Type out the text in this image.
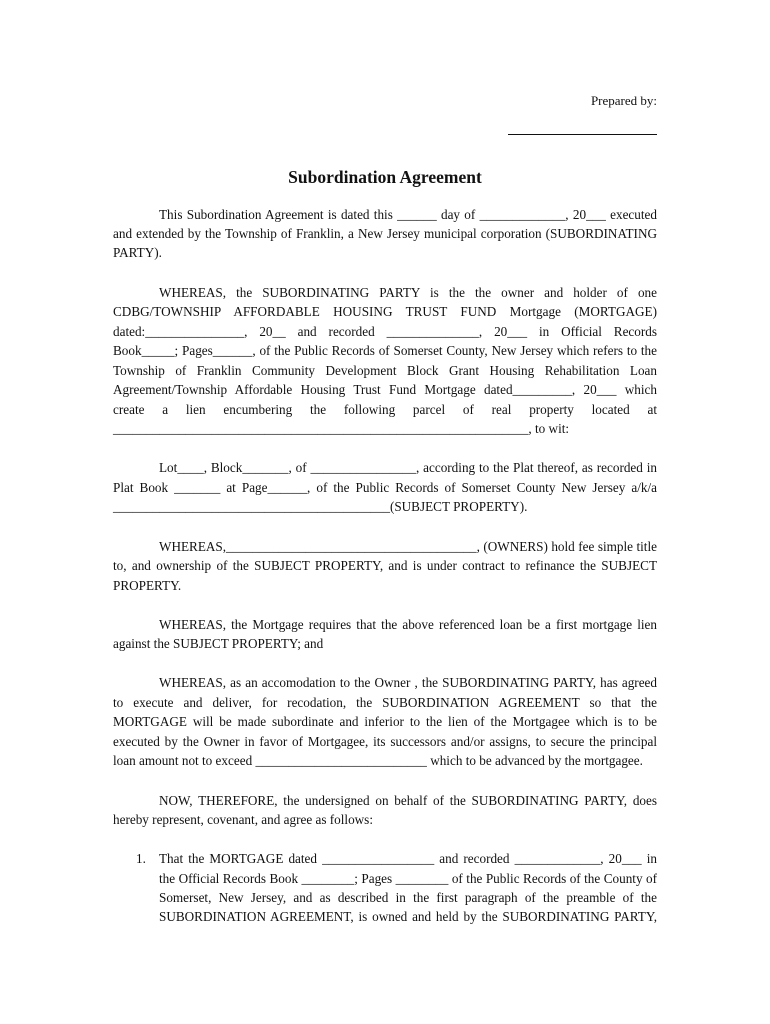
Prepared by:
Subordination Agreement
This Subordination Agreement is dated this ______ day of _____________, 20___ executed
and extended by the Township of Franklin, a New Jersey municipal corporation (SUBORDINATING
PARTY).
WHEREAS, the SUBORDINATING PARTY is the the owner and holder of one
CDBG/TOWNSHIP AFFORDABLE HOUSING TRUST FUND Mortgage (MORTGAGE)
dated:_______________, 20__ and recorded ______________, 20___ in Official Records
Book_____; Pages______, of the Public Records of Somerset County, New Jersey which refers to the
Township of Franklin Community Development Block Grant Housing Rehabilitation Loan
Agreement/Township Affordable Housing Trust Fund Mortgage dated_________, 20___ which
create a lien encumbering the following parcel of real property located at
_______________________________________________________________, to wit:
Lot____, Block_______, of ________________, according to the Plat thereof, as recorded in
Plat Book _______ at Page______, of the Public Records of Somerset County New Jersey a/k/a
__________________________________________(SUBJECT PROPERTY).
WHEREAS,______________________________________, (OWNERS) hold fee simple title
to, and ownership of the SUBJECT PROPERTY, and is under contract to refinance the SUBJECT
PROPERTY.
WHEREAS, the Mortgage requires that the above referenced loan be a first mortgage lien
against the SUBJECT PROPERTY; and
WHEREAS, as an accomodation to the Owner , the SUBORDINATING PARTY, has agreed
to execute and deliver, for recodation, the SUBORDINATION AGREEMENT so that the
MORTGAGE will be made subordinate and inferior to the lien of the Mortgagee which is to be
executed by the Owner in favor of Mortgagee, its successors and/or assigns, to secure the principal
loan amount not to exceed __________________________ which to be advanced by the mortgagee.
NOW, THEREFORE, the undersigned on behalf of the SUBORDINATING PARTY, does
hereby represent, covenant, and agree as follows:
1. That the MORTGAGE dated _________________ and recorded _____________, 20___ in
the Official Records Book ________; Pages ________ of the Public Records of the County of
Somerset, New Jersey, and as described in the first paragraph of the preamble of the
SUBORDINATION AGREEMENT, is owned and held by the SUBORDINATING PARTY,
